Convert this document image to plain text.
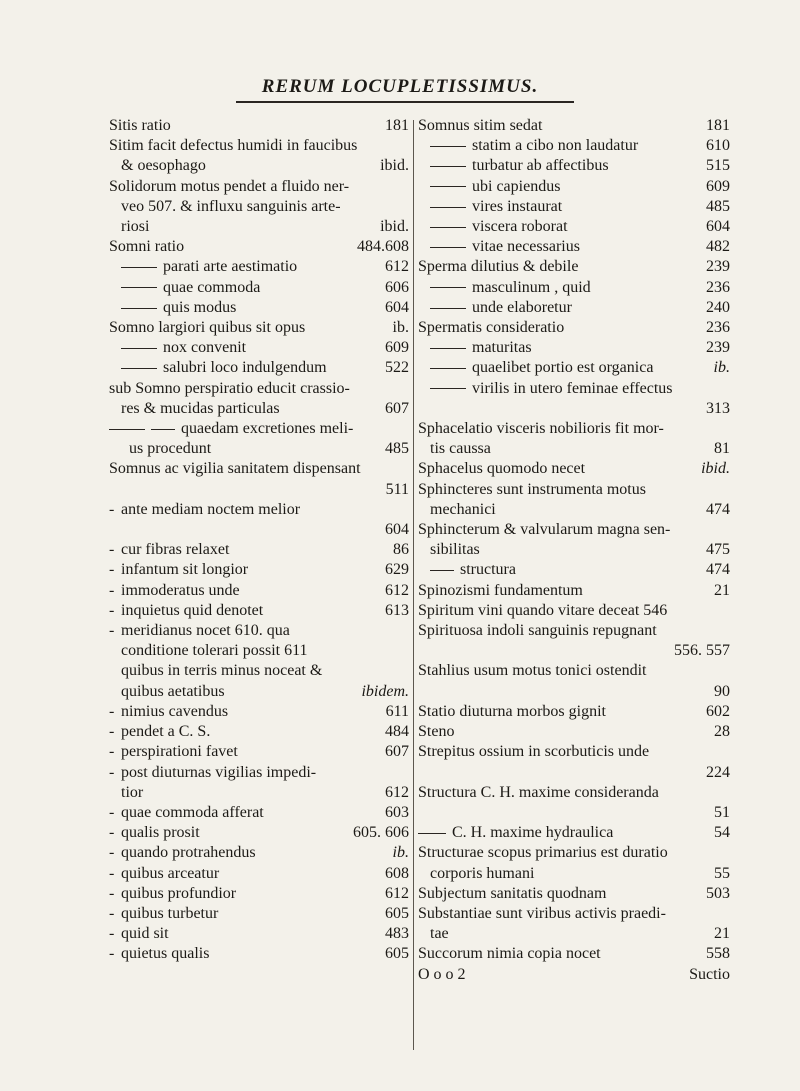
RERUM LOCUPLETISSIMUS.
Sitis ratio	181
Sitim facit defectus humidi in faucibus
& oesophago	ibid.
Solidorum motus pendet a fluido ner-
veo 507. & influxu sanguinis arte-
riosi	ibid.
Somni ratio	484.608
parati arte aestimatio	612
quae commoda	606
quis modus	604
Somno largiori quibus sit opus	ib.
nox convenit	609
salubri loco indulgendum	522
sub Somno perspiratio educit crassio-
res & mucidas particulas	607
quaedam excretiones meli-
us procedunt	485
Somnus ac vigilia sanitatem dispensant
511
- ante mediam noctem melior
604
- cur fibras relaxet	86
- infantum sit longior	629
- immoderatus unde	612
- inquietus quid denotet	613
- meridianus nocet 610. qua
conditione tolerari possit 611
quibus in terris minus noceat &
quibus aetatibus	ibidem.
- nimius cavendus	611
- pendet a C. S.	484
- perspirationi favet	607
- post diuturnas vigilias impedi-
tior	612
- quae commoda afferat	603
- qualis prosit	605. 606
- quando protrahendus	ib.
- quibus arceatur	608
- quibus profundior	612
- quibus turbetur	605
- quid sit	483
- quietus qualis	605
Somnus sitim sedat	181
statim a cibo non laudatur	610
turbatur ab affectibus	515
ubi capiendus	609
vires instaurat	485
viscera roborat	604
vitae necessarius	482
Sperma dilutius & debile	239
masculinum , quid	236
unde elaboretur	240
Spermatis consideratio	236
maturitas	239
quaelibet portio est organica	ib.
virilis in utero feminae effectus
313
Sphacelatio visceris nobilioris fit mor-
tis caussa	81
Sphacelus quomodo necet	ibid.
Sphincteres sunt instrumenta motus
mechanici	474
Sphincterum & valvularum magna sen-
sibilitas	475
structura	474
Spinozismi fundamentum	21
Spiritum vini quando vitare deceat 546
Spirituosa indoli sanguinis repugnant
556. 557
Stahlius usum motus tonici ostendit
90
Statio diuturna morbos gignit	602
Steno	28
Strepitus ossium in scorbuticis unde
224
Structura C. H. maxime consideranda
51
C. H. maxime hydraulica	54
Structurae scopus primarius est duratio
corporis humani	55
Subjectum sanitatis quodnam	503
Substantiae sunt viribus activis praedi-
tae	21
Succorum nimia copia nocet	558
O o o 2	Suctio
